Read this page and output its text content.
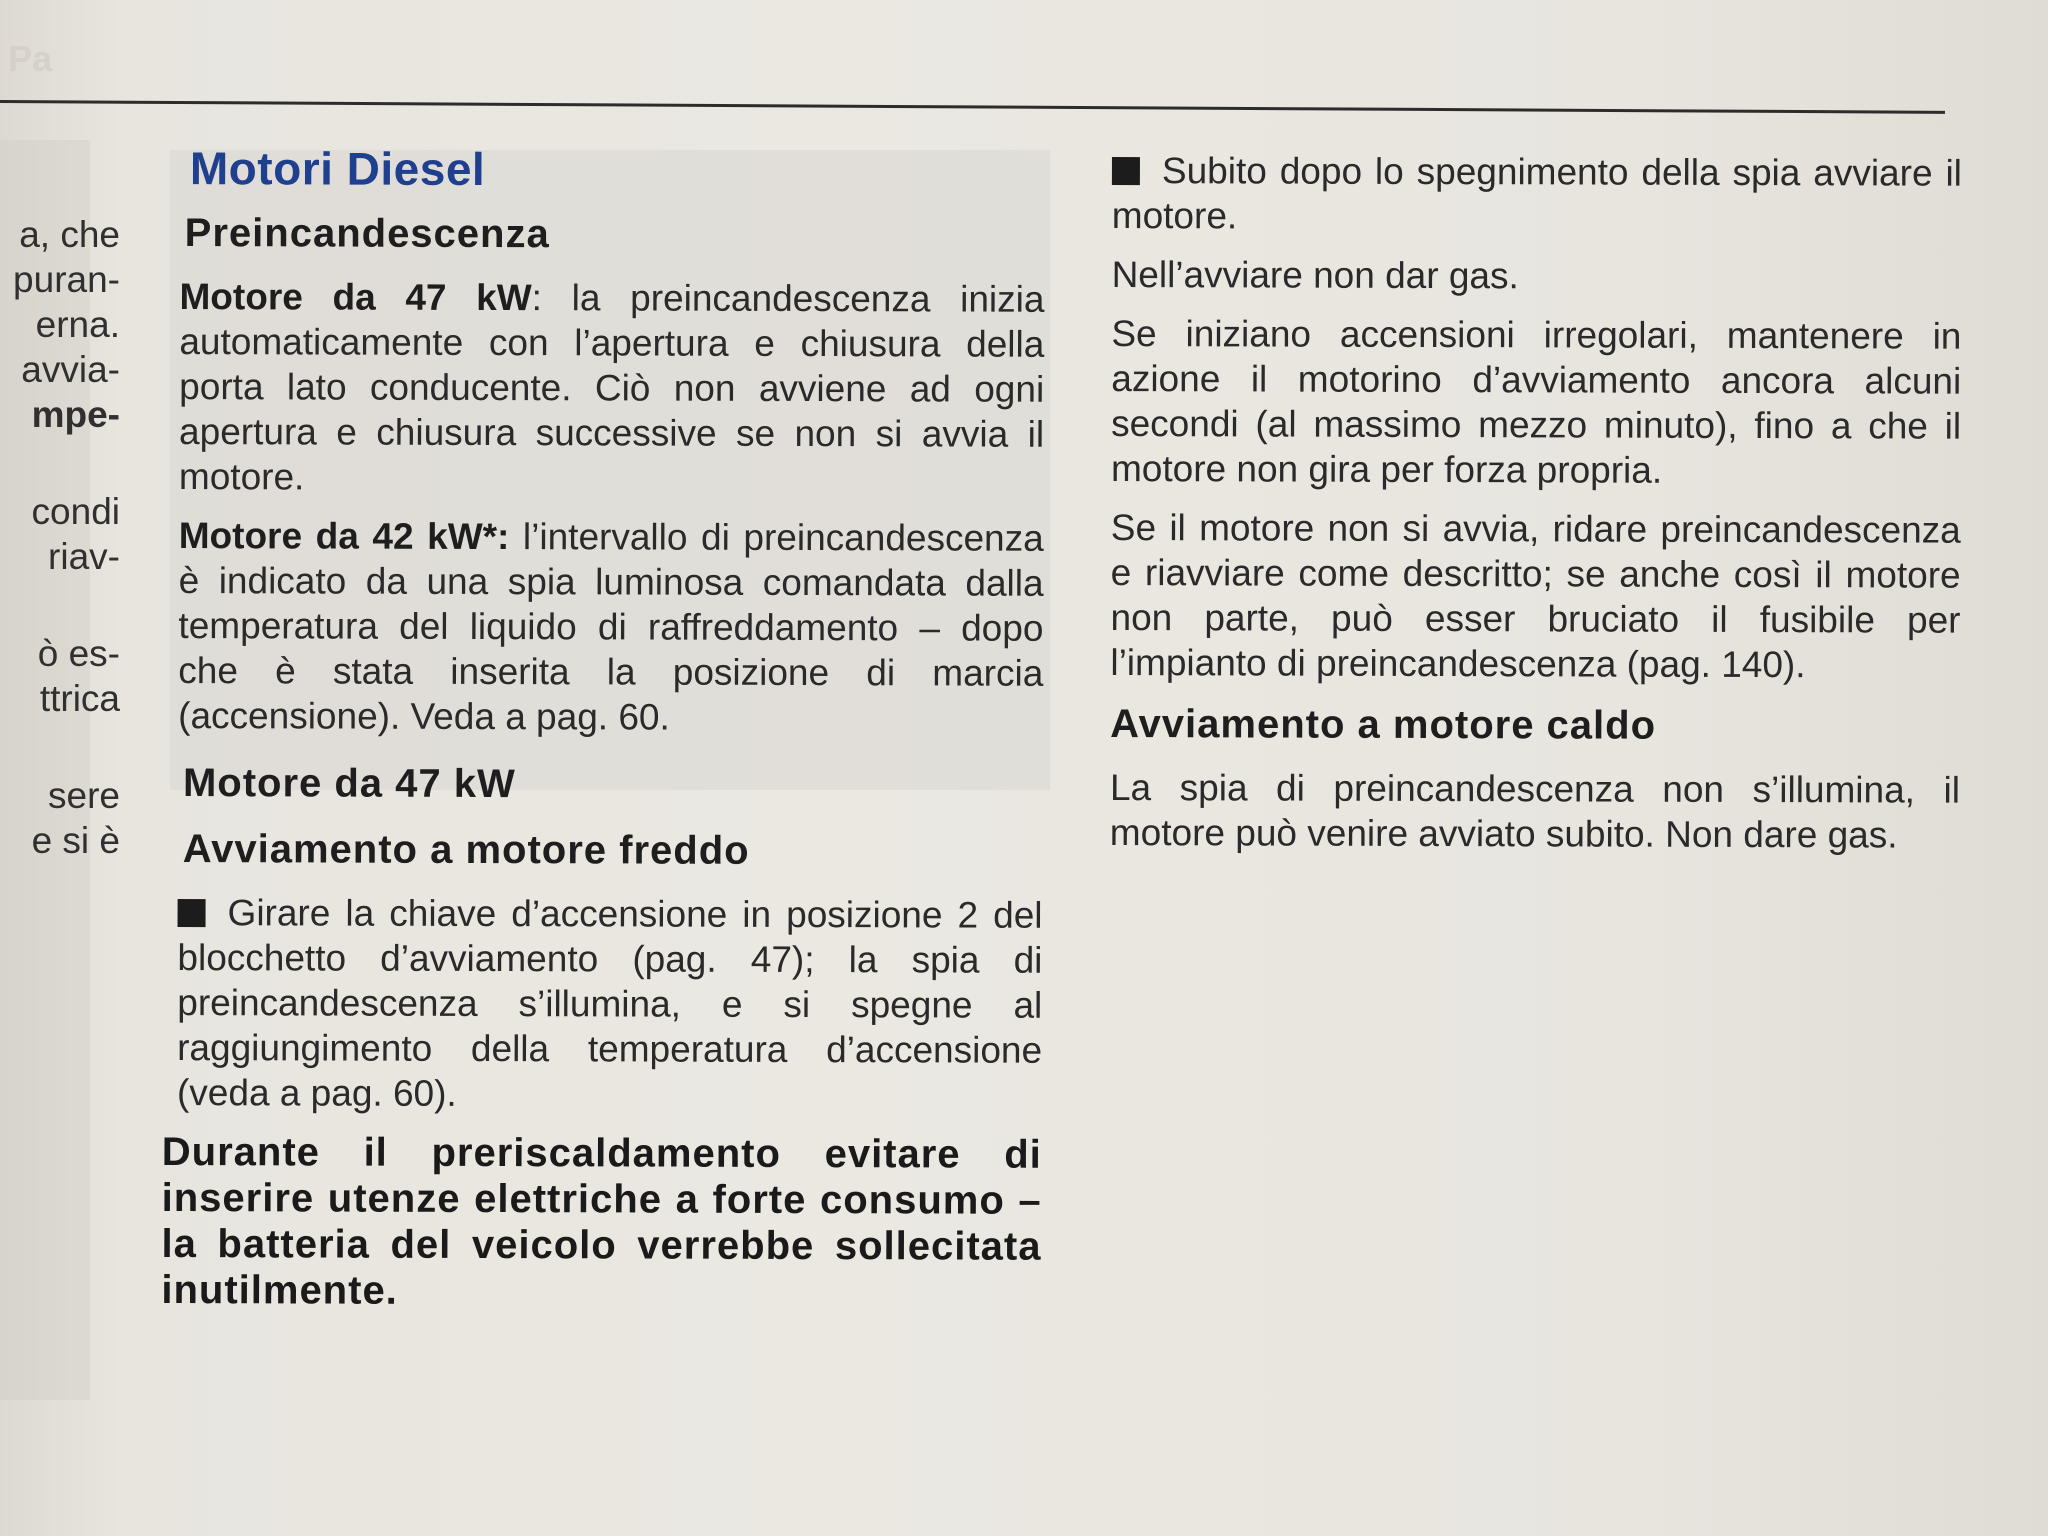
Pa
a, che
puran-
erna.
avvia-
mpe-
condi
riav-
ò es-
ttrica
sere
e si è
Motori Diesel
Preincandescenza
Motore da 47 kW: la preincandescenza inizia automaticamente con l’apertura e chiusura della porta lato conducente. Ciò non avviene ad ogni apertura e chiusura successive se non si avvia il motore.
Motore da 42 kW*: l’intervallo di preincandescenza è indicato da una spia luminosa comandata dalla temperatura del liquido di raffreddamento – dopo che è stata inserita la posizione di marcia (accensione). Veda a pag. 60.
Motore da 47 kW
Avviamento a motore freddo
Girare la chiave d’accensione in posizione 2 del blocchetto d’avviamento (pag. 47); la spia di preincandescenza s’illumina, e si spegne al raggiungimento della temperatura d’accensione (veda a pag. 60).
Durante il preriscaldamento evitare di inserire utenze elettriche a forte consumo – la batteria del veicolo verrebbe sollecitata inutilmente.
Subito dopo lo spegnimento della spia avviare il motore.
Nell’avviare non dar gas.
Se iniziano accensioni irregolari, mantenere in azione il motorino d’avviamento ancora alcuni secondi (al massimo mezzo minuto), fino a che il motore non gira per forza propria.
Se il motore non si avvia, ridare preincandescenza e riavviare come descritto; se anche così il motore non parte, può esser bruciato il fusibile per l’impianto di preincandescenza (pag. 140).
Avviamento a motore caldo
La spia di preincandescenza non s’illumina, il motore può venire avviato subito. Non dare gas.
